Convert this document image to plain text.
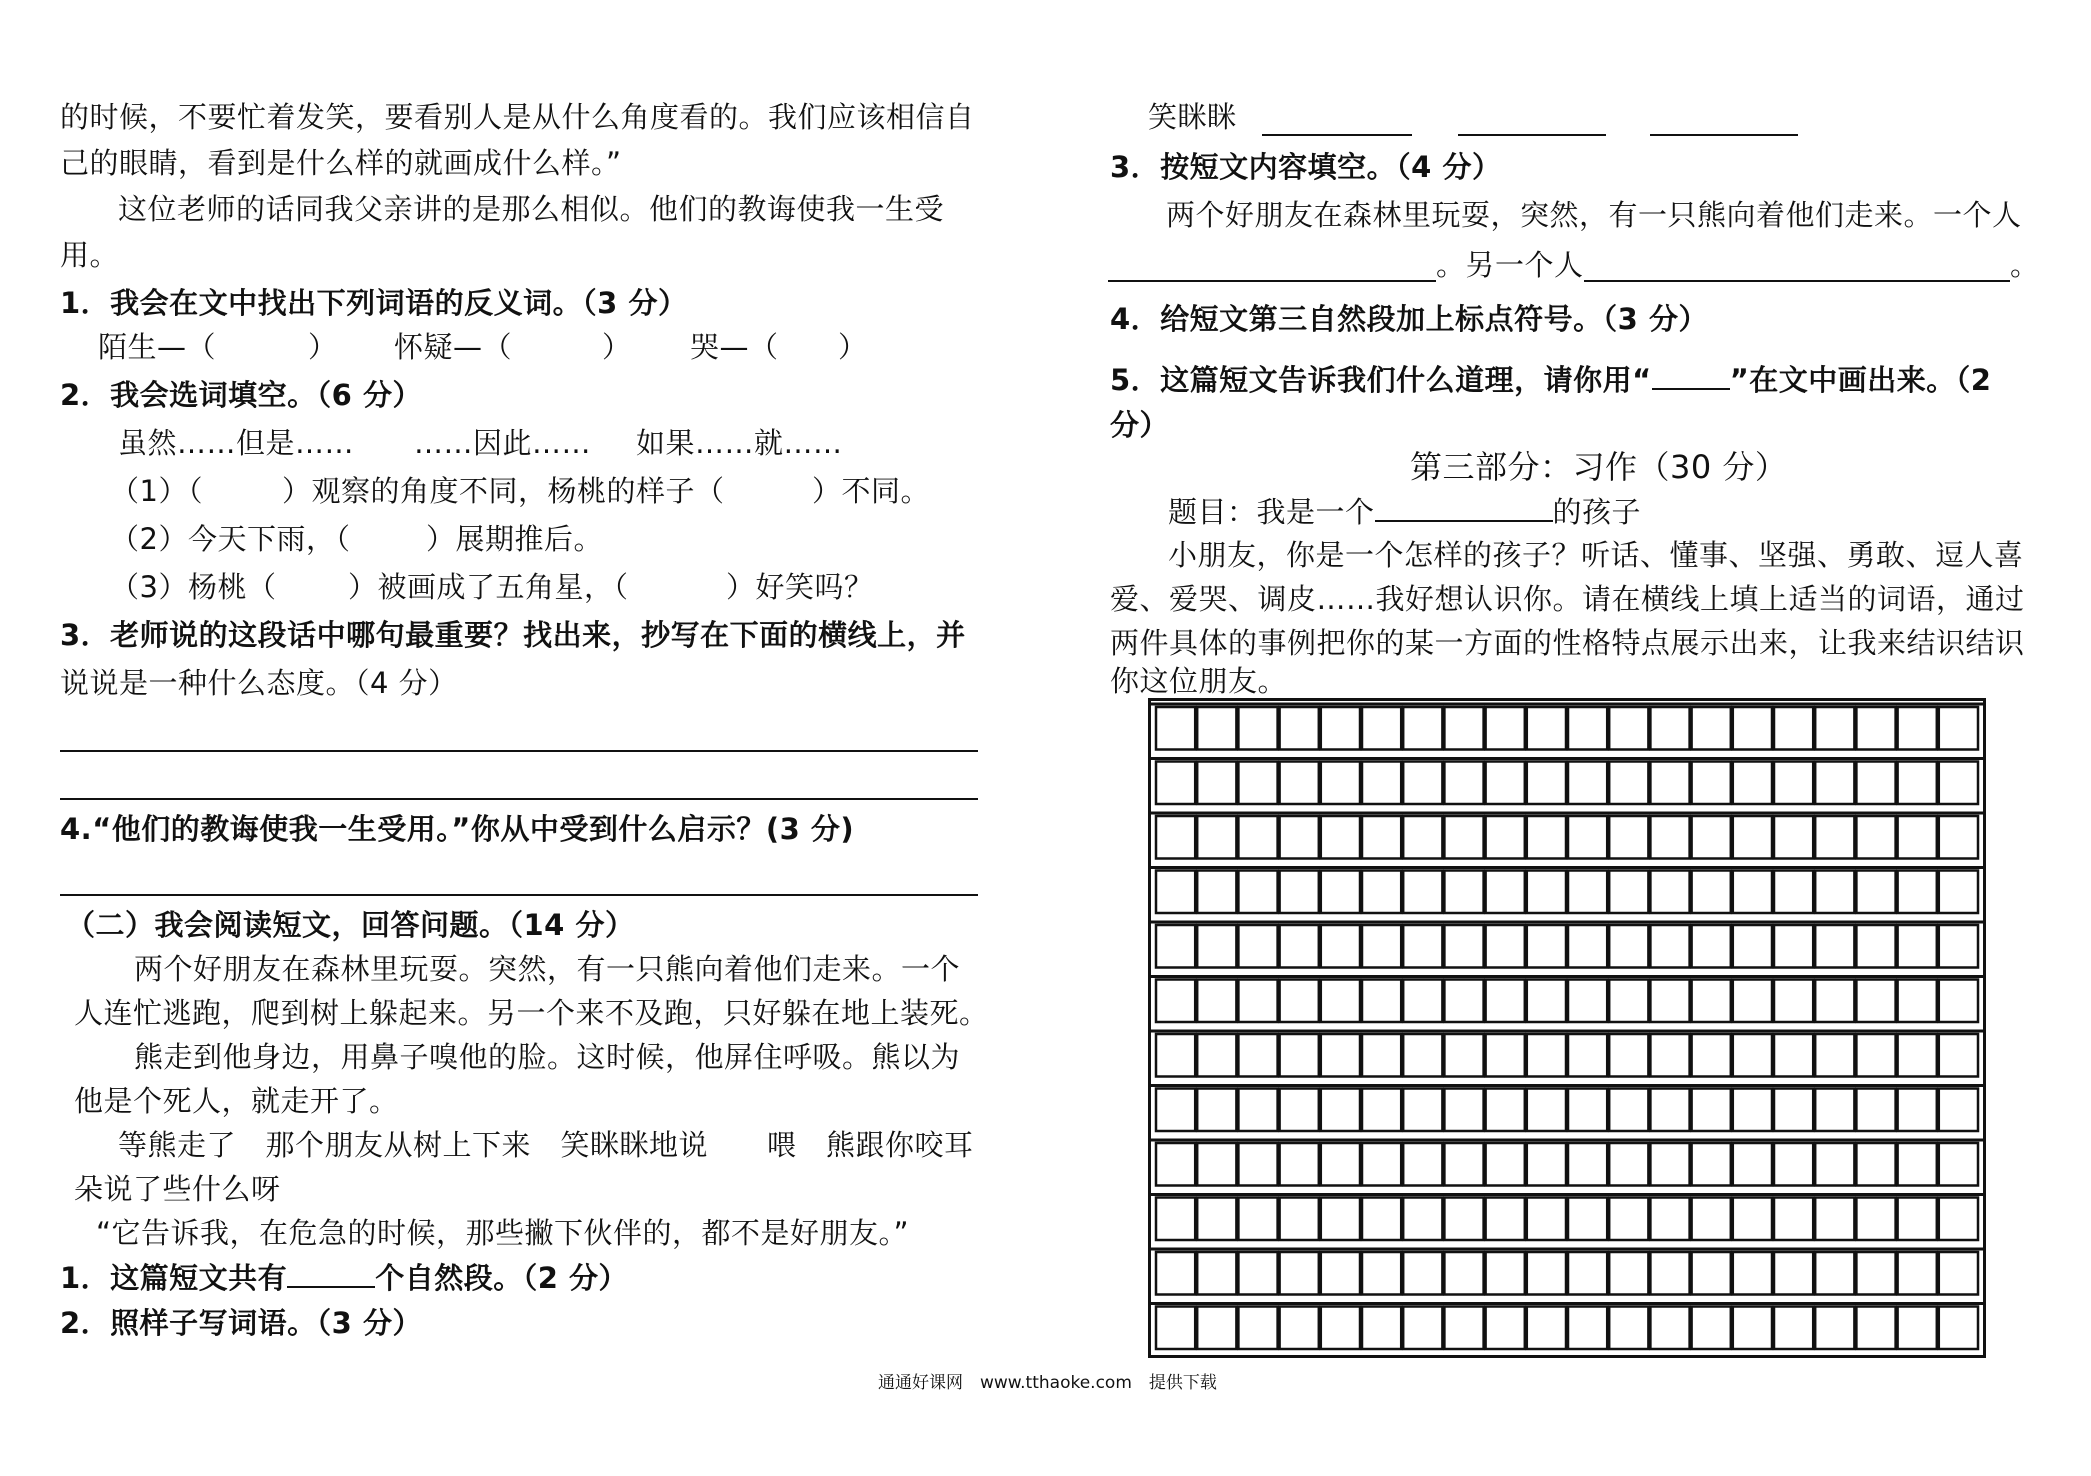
的时候，不要忙着发笑，要看别人是从什么角度看的。我们应该相信自
己的眼睛，看到是什么样的就画成什么样。”
这位老师的话同我父亲讲的是那么相似。他们的教诲使我一生受
用。
1．我会在文中找出下列词语的反义词。（3 分）
陌生—（	） 怀疑—（	） 哭—（ ）
2．我会选词填空。（6 分）
虽然……但是…… ……因此…… 如果……就……
（1）（	）观察的角度不同，杨桃的样子（	）不同。
（2）今天下雨，（	）展期推后。
（3）杨桃（ ）被画成了五角星，（	）好笑吗？
3．老师说的这段话中哪句最重要？找出来，抄写在下面的横线上，并
说说是一种什么态度。（4 分）
4.“他们的教诲使我一生受用。”你从中受到什么启示？(3 分)
（二）我会阅读短文，回答问题。（14 分）
两个好朋友在森林里玩耍。突然，有一只熊向着他们走来。一个
人连忙逃跑，爬到树上躲起来。另一个来不及跑，只好躲在地上装死。
熊走到他身边，用鼻子嗅他的脸。这时候，他屏住呼吸。熊以为
他是个死人，就走开了。
等熊走了　那个朋友从树上下来　笑眯眯地说　　喂　熊跟你咬耳
朵说了些什么呀
“它告诉我，在危急的时候，那些撇下伙伴的，都不是好朋友。”
1．这篇短文共有	个自然段。（2 分）
2．照样子写词语。（3 分）
笑眯眯
3．按短文内容填空。（4 分）
两个好朋友在森林里玩耍，突然，有一只熊向着他们走来。一个人
。另一个人	。
4．给短文第三自然段加上标点符号。（3 分）
5．这篇短文告诉我们什么道理，请你用“	”在文中画出来。（2
分）
第三部分：习作（30 分）
题目：我是一个	的孩子
小朋友，你是一个怎样的孩子？听话、懂事、坚强、勇敢、逗人喜
爱、爱哭、调皮……我好想认识你。请在横线上填上适当的词语，通过
两件具体的事例把你的某一方面的性格特点展示出来，让我来结识结识
你这位朋友。
通通好课网　www.tthaoke.com　提供下载
